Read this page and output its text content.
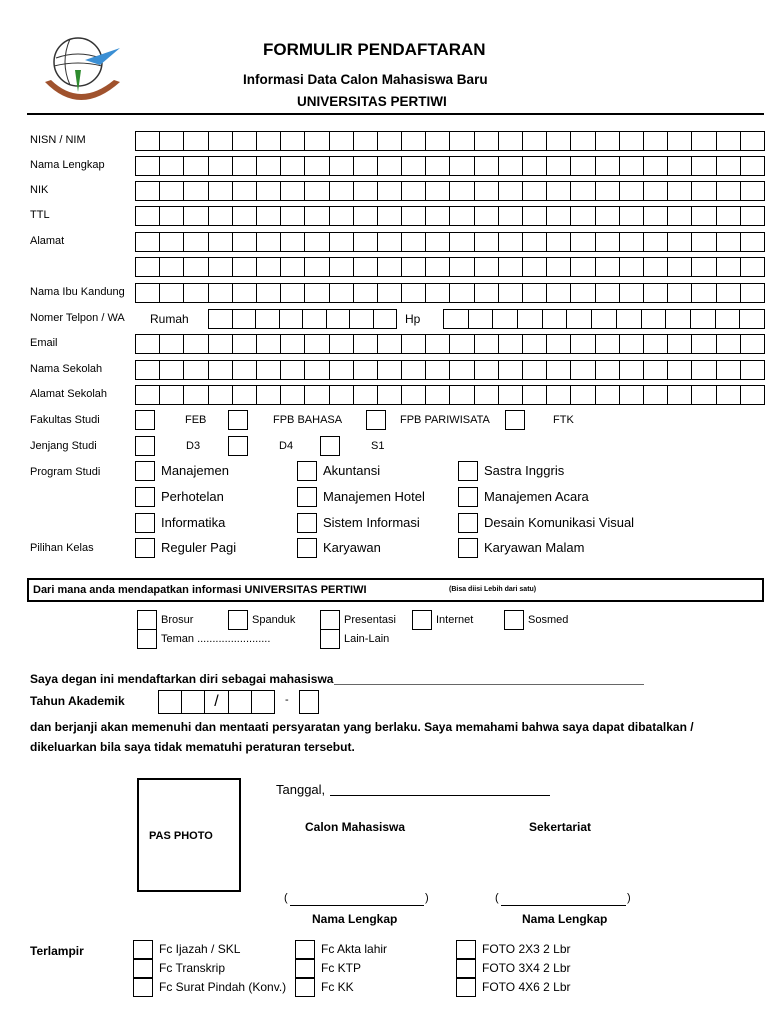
FORMULIR PENDAFTARAN
Informasi Data Calon Mahasiswa Baru
UNIVERSITAS PERTIWI
NISN / NIM
Nama Lengkap
NIK
TTL
Alamat
Nama Ibu Kandung
Nomer Telpon / WA Rumah	Hp
Email
Nama Sekolah
Alamat Sekolah
Fakultas Studi	FEB	FPB BAHASA	FPB PARIWISATA	FTK
Jenjang Studi	D3	D4	S1
Program Studi	Manajemen	Akuntansi	Sastra Inggris
Perhotelan	Manajemen Hotel	Manajemen Acara
Informatika	Sistem Informasi	Desain Komunikasi Visual
Pilihan Kelas	Reguler Pagi	Karyawan	Karyawan Malam
Dari mana anda mendapatkan informasi UNIVERSITAS PERTIWI	(Bisa diisi Lebih dari satu)
Brosur	Spanduk	Presentasi	Internet	Sosmed
Teman ........................	Lain-Lain
Saya degan ini mendaftarkan diri sebagai mahasiswa
Tahun Akademik	/	-
dan berjanji akan memenuhi dan mentaati persyaratan yang berlaku. Saya memahami bahwa saya dapat dibatalkan /
dikeluarkan bila saya tidak mematuhi peraturan tersebut.
PAS PHOTO
Tanggal,
Calon Mahasiswa	Sekertariat
(	)	(	)
Nama Lengkap	Nama Lengkap
Terlampir	Fc Ijazah / SKL	Fc Akta lahir	FOTO 2X3 2 Lbr
Fc Transkrip	Fc KTP	FOTO 3X4 2 Lbr
Fc Surat Pindah (Konv.)	Fc KK	FOTO 4X6 2 Lbr
